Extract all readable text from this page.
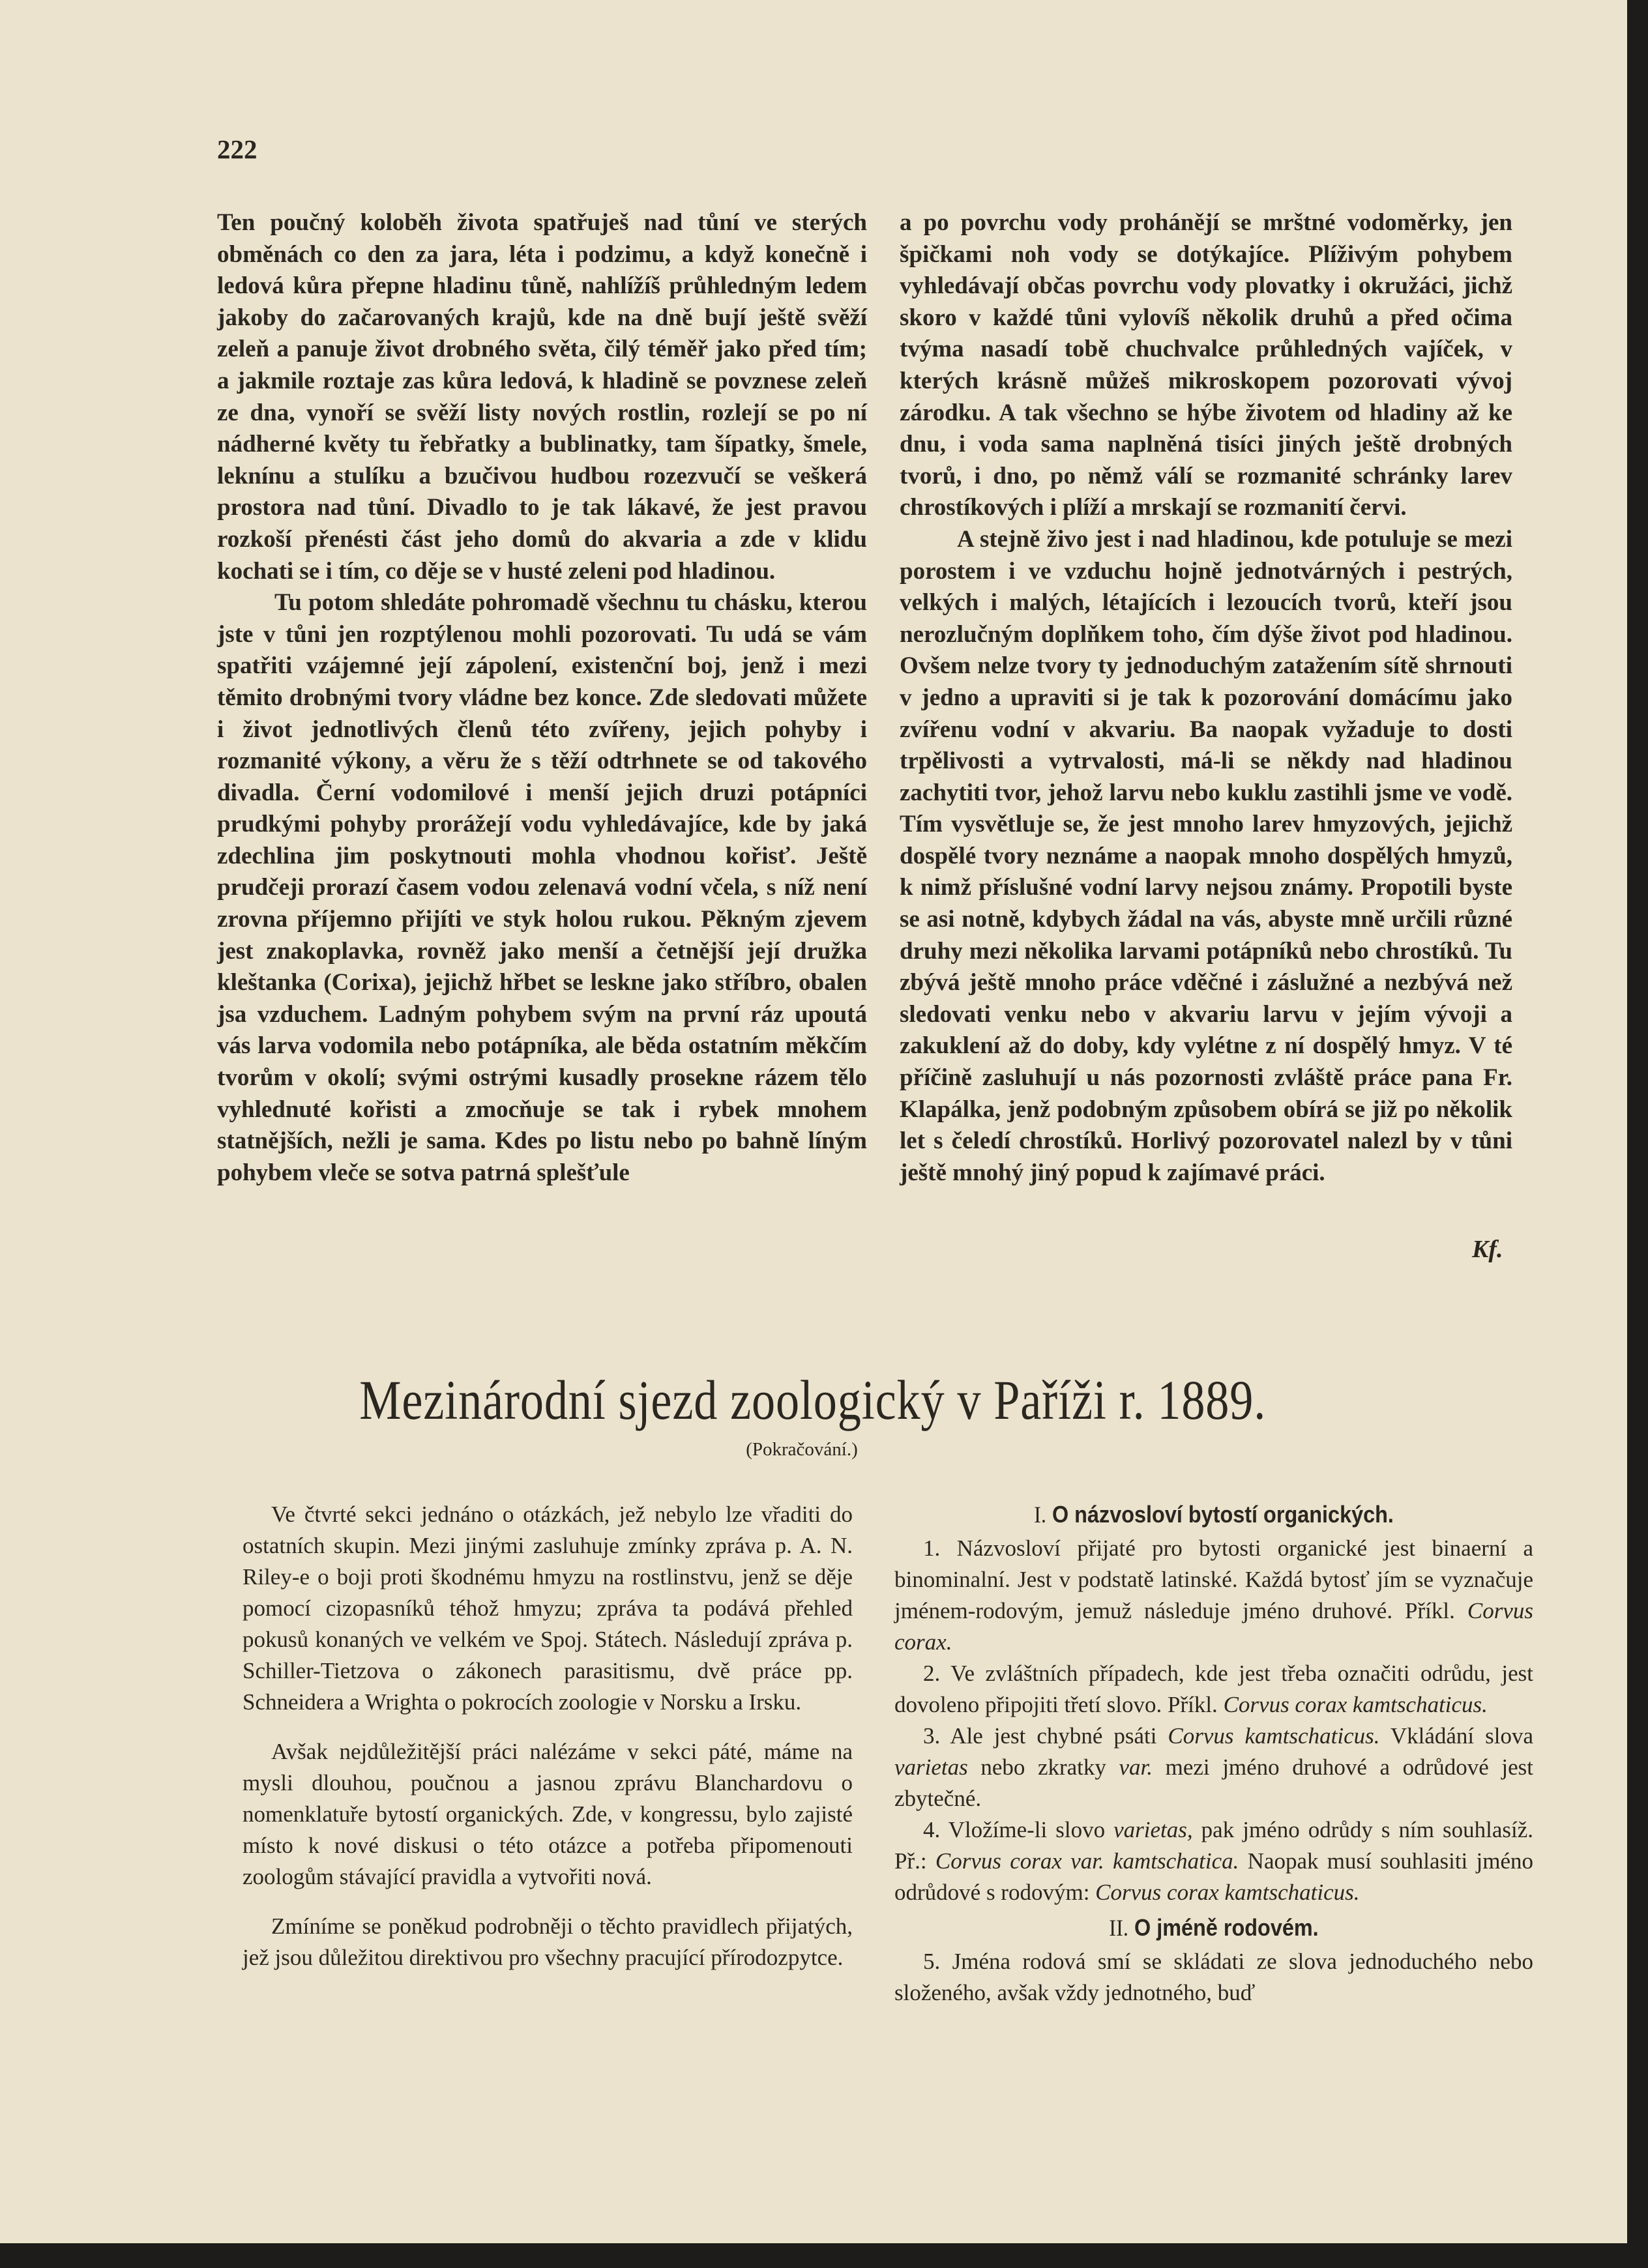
222

Ten poučný koloběh života spatřuješ nad tůní ve sterých obměnách co den za jara, léta i podzimu, a když konečně i ledová kůra přepne hladinu tůně, nahlížíš průhledným ledem jakoby do začarovaných krajů, kde na dně bují ještě svěží zeleň a panuje život drobného světa, čilý téměř jako před tím; a jakmile roztaje zas kůra ledová, k hladině se povznese zeleň ze dna, vynoří se svěží listy nových rostlin, rozlejí se po ní nádherné květy tu řebřatky a bublinatky, tam šípatky, šmele, leknínu a stulíku a bzučivou hudbou rozezvučí se veškerá prostora nad tůní. Divadlo to je tak lákavé, že jest pravou rozkoší přenésti část jeho domů do akvaria a zde v klidu kochati se i tím, co děje se v husté zeleni pod hladinou.

Tu potom shledáte pohromadě všechnu tu chásku, kterou jste v tůni jen rozptýlenou mohli pozorovati. Tu udá se vám spatřiti vzájemné její zápolení, existenční boj, jenž i mezi těmito drobnými tvory vládne bez konce. Zde sledovati můžete i život jednotlivých členů této zvířeny, jejich pohyby i rozmanité výkony, a věru že s těží odtrhnete se od takového divadla. Černí vodomilové i menší jejich druzi potápníci prudkými pohyby prorážejí vodu vyhledávajíce, kde by jaká zdechlina jim poskytnouti mohla vhodnou kořisť. Ještě prudčeji prorazí časem vodou zelenavá vodní včela, s níž není zrovna příjemno přijíti ve styk holou rukou. Pěkným zjevem jest znakoplavka, rovněž jako menší a četnější její družka kleštanka (Corixa), jejichž hřbet se leskne jako stříbro, obalen jsa vzduchem. Ladným pohybem svým na první ráz upoutá vás larva vodomila nebo potápníka, ale běda ostatním měkčím tvorům v okolí; svými ostrými kusadly prosekne rázem tělo vyhlednuté kořisti a zmocňuje se tak i rybek mnohem statnějších, nežli je sama. Kdes po listu nebo po bahně líným pohybem vleče se sotva patrná splešťule

a po povrchu vody prohánějí se mrštné vodoměrky, jen špičkami noh vody se dotýkajíce. Plíživým pohybem vyhledávají občas povrchu vody plovatky i okružáci, jichž skoro v každé tůni vylovíš několik druhů a před očima tvýma nasadí tobě chuchvalce průhledných vajíček, v kterých krásně můžeš mikroskopem pozorovati vývoj zárodku. A tak všechno se hýbe životem od hladiny až ke dnu, i voda sama naplněná tisíci jiných ještě drobných tvorů, i dno, po němž válí se rozmanité schránky larev chrostíkových i plíží a mrskají se rozmanití červi.

A stejně živo jest i nad hladinou, kde potuluje se mezi porostem i ve vzduchu hojně jednotvárných i pestrých, velkých i malých, létajících i lezoucích tvorů, kteří jsou nerozlučným doplňkem toho, čím dýše život pod hladinou. Ovšem nelze tvory ty jednoduchým zatažením sítě shrnouti v jedno a upraviti si je tak k pozorování domácímu jako zvířenu vodní v akvariu. Ba naopak vyžaduje to dosti trpělivosti a vytrvalosti, má-li se někdy nad hladinou zachytiti tvor, jehož larvu nebo kuklu zastihli jsme ve vodě. Tím vysvětluje se, že jest mnoho larev hmyzových, jejichž dospělé tvory neznáme a naopak mnoho dospělých hmyzů, k nimž příslušné vodní larvy nejsou známy. Propotili byste se asi notně, kdybych žádal na vás, abyste mně určili různé druhy mezi několika larvami potápníků nebo chrostíků. Tu zbývá ještě mnoho práce vděčné i záslužné a nezbývá než sledovati venku nebo v akvariu larvu v jejím vývoji a zakuklení až do doby, kdy vylétne z ní dospělý hmyz. V té příčině zasluhují u nás pozornosti zvláště práce pana Fr. Klapálka, jenž podobným způsobem obírá se již po několik let s čeledí chrostíků. Horlivý pozorovatel nalezl by v tůni ještě mnohý jiný popud k zajímavé práci.

Kf.
Mezinárodní sjezd zoologický v Paříži r. 1889.
(Pokračování.)

Ve čtvrté sekci jednáno o otázkách, jež nebylo lze vřaditi do ostatních skupin. Mezi jinými zasluhuje zmínky zpráva p. A. N. Riley-e o boji proti škodnému hmyzu na rostlinstvu, jenž se děje pomocí cizopasníků téhož hmyzu; zpráva ta podává přehled pokusů konaných ve velkém ve Spoj. Státech. Následují zpráva p. Schiller-Tietzova o zákonech parasitismu, dvě práce pp. Schneidera a Wrighta o pokrocích zoologie v Norsku a Irsku.

Avšak nejdůležitější práci nalézáme v sekci páté, máme na mysli dlouhou, poučnou a jasnou zprávu Blanchardovu o nomenklatuře bytostí organických. Zde, v kongressu, bylo zajisté místo k nové diskusi o této otázce a potřeba připomenouti zoologům stávající pravidla a vytvořiti nová.

Zmíníme se poněkud podrobněji o těchto pravidlech přijatých, jež jsou důležitou direktivou pro všechny pracující přírodozpytce.

I. O názvosloví bytostí organických.

1. Názvosloví přijaté pro bytosti organické jest binaerní a binominalní. Jest v podstatě latinské. Každá bytosť jím se vyznačuje jménem-rodovým, jemuž následuje jméno druhové. Příkl. Corvus corax.

2. Ve zvláštních případech, kde jest třeba označiti odrůdu, jest dovoleno připojiti třetí slovo. Příkl. Corvus corax kamtschaticus.

3. Ale jest chybné psáti Corvus kamtschaticus. Vkládání slova varietas nebo zkratky var. mezi jméno druhové a odrůdové jest zbytečné.

4. Vložíme-li slovo varietas, pak jméno odrůdy s ním souhlasíž. Př.: Corvus corax var. kamtschatica. Naopak musí souhlasiti jméno odrůdové s rodovým: Corvus corax kamtschaticus.

II. O jméně rodovém.

5. Jména rodová smí se skládati ze slova jednoduchého nebo složeného, avšak vždy jednotného, buď
